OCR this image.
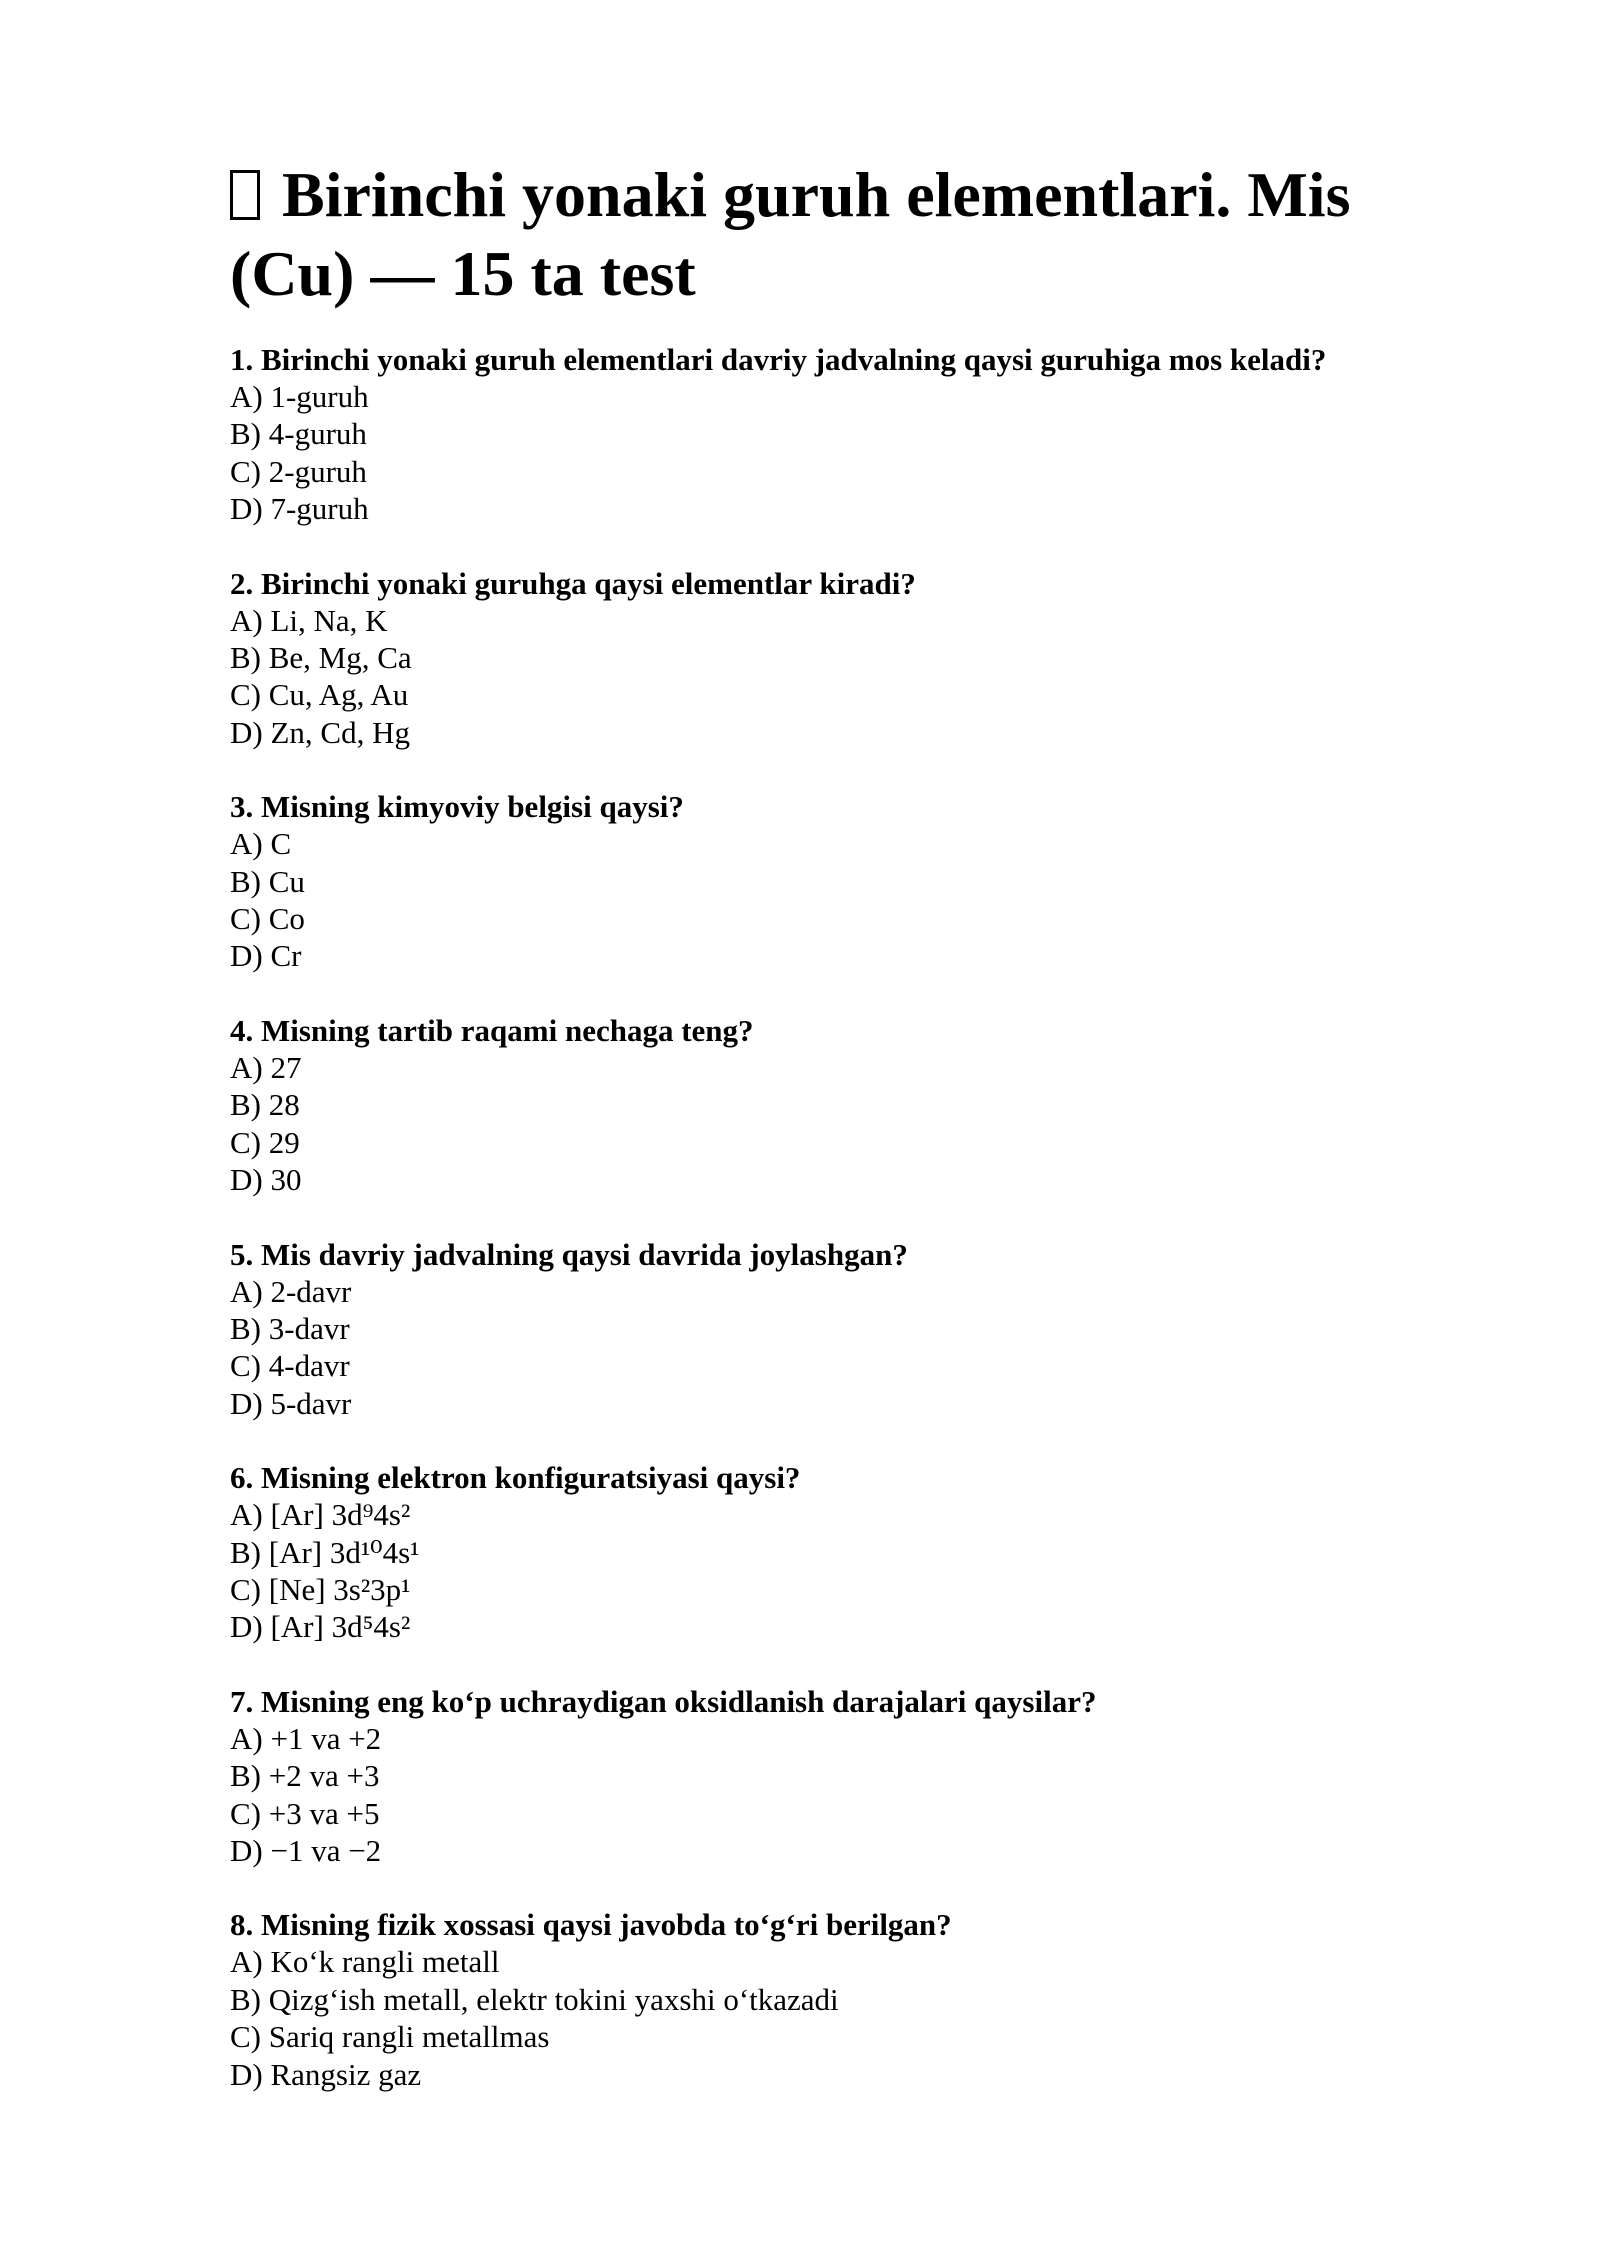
Birinchi yonaki guruh elementlari. Mis (Cu) — 15 ta test

1. Birinchi yonaki guruh elementlari davriy jadvalning qaysi guruhiga mos keladi?

A) 1-guruh

B) 4-guruh

C) 2-guruh

D) 7-guruh

2. Birinchi yonaki guruhga qaysi elementlar kiradi?

A) Li, Na, K

B) Be, Mg, Ca

C) Cu, Ag, Au

D) Zn, Cd, Hg

3. Misning kimyoviy belgisi qaysi?

A) C

B) Cu

C) Co

D) Cr

4. Misning tartib raqami nechaga teng?

A) 27

B) 28

C) 29

D) 30

5. Mis davriy jadvalning qaysi davrida joylashgan?

A) 2-davr

B) 3-davr

C) 4-davr

D) 5-davr

6. Misning elektron konfiguratsiyasi qaysi?

A) [Ar] 3d⁹4s²

B) [Ar] 3d¹⁰4s¹

C) [Ne] 3s²3p¹

D) [Ar] 3d⁵4s²

7. Misning eng ko‘p uchraydigan oksidlanish darajalari qaysilar?

A) +1 va +2

B) +2 va +3

C) +3 va +5

D) −1 va −2

8. Misning fizik xossasi qaysi javobda to‘g‘ri berilgan?

A) Ko‘k rangli metall

B) Qizg‘ish metall, elektr tokini yaxshi o‘tkazadi

C) Sariq rangli metallmas

D) Rangsiz gaz
